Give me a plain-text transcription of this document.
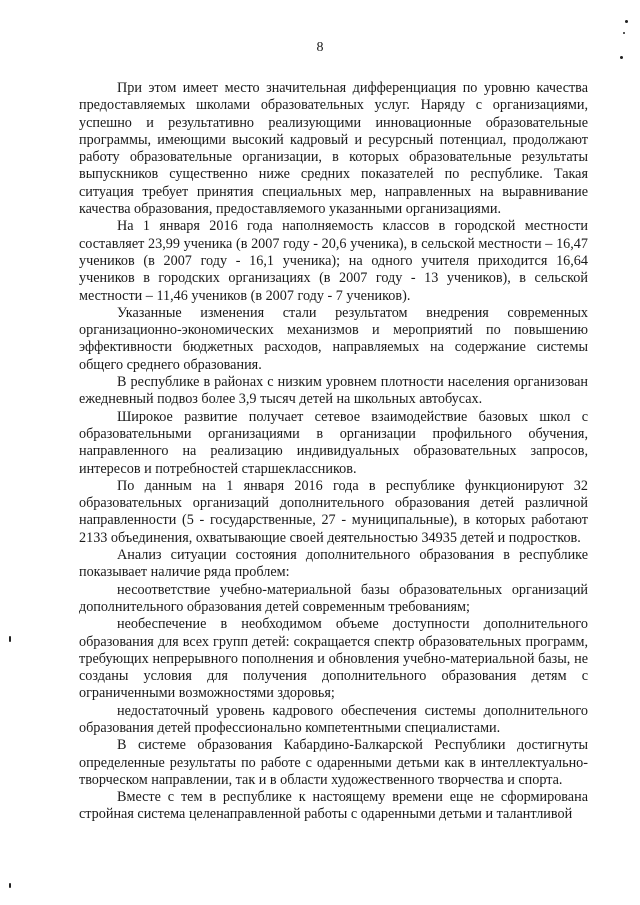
8

При этом имеет место значительная дифференциация по уровню качества предоставляемых школами образовательных услуг. Наряду с организациями, успешно и результативно реализующими инновационные образовательные программы, имеющими высокий кадровый и ресурсный потенциал, продолжают работу образовательные организации, в которых образовательные результаты выпускников существенно ниже средних показателей по республике. Такая ситуация требует принятия специальных мер, направленных на выравнивание качества образования, предоставляемого указанными организациями.

На 1 января 2016 года наполняемость классов в городской местности составляет 23,99 ученика (в 2007 году - 20,6 ученика), в сельской местности – 16,47 учеников (в 2007 году - 16,1 ученика); на одного учителя приходится 16,64 учеников в городских организациях (в 2007 году - 13 учеников), в сельской местности – 11,46 учеников (в 2007 году - 7 учеников).

Указанные изменения стали результатом внедрения современных организационно-экономических механизмов и мероприятий по повышению эффективности бюджетных расходов, направляемых на содержание системы общего среднего образования.

В республике в районах с низким уровнем плотности населения организован ежедневный подвоз более 3,9 тысяч детей на школьных автобусах.

Широкое развитие получает сетевое взаимодействие базовых школ с образовательными организациями в организации профильного обучения, направленного на реализацию индивидуальных образовательных запросов, интересов и потребностей старшеклассников.

По данным на 1 января 2016 года в республике функционируют 32 образовательных организаций дополнительного образования детей различной направленности (5 - государственные, 27 - муниципальные), в которых работают 2133 объединения, охватывающие своей деятельностью 34935 детей и подростков.

Анализ ситуации состояния дополнительного образования в республике показывает наличие ряда проблем:

несоответствие учебно-материальной базы образовательных организаций дополнительного образования детей современным требованиям;

необеспечение в необходимом объеме доступности дополнительного образования для всех групп детей: сокращается спектр образовательных программ, требующих непрерывного пополнения и обновления учебно-материальной базы, не созданы условия для получения дополнительного образования детям с ограниченными возможностями здоровья;

недостаточный уровень кадрового обеспечения системы дополнительного образования детей профессионально компетентными специалистами.

В системе образования Кабардино-Балкарской Республики достигнуты определенные результаты по работе с одаренными детьми как в интеллектуально-творческом направлении, так и в области художественного творчества и спорта.

Вместе с тем в республике к настоящему времени еще не сформирована стройная система целенаправленной работы с одаренными детьми и талантливой
